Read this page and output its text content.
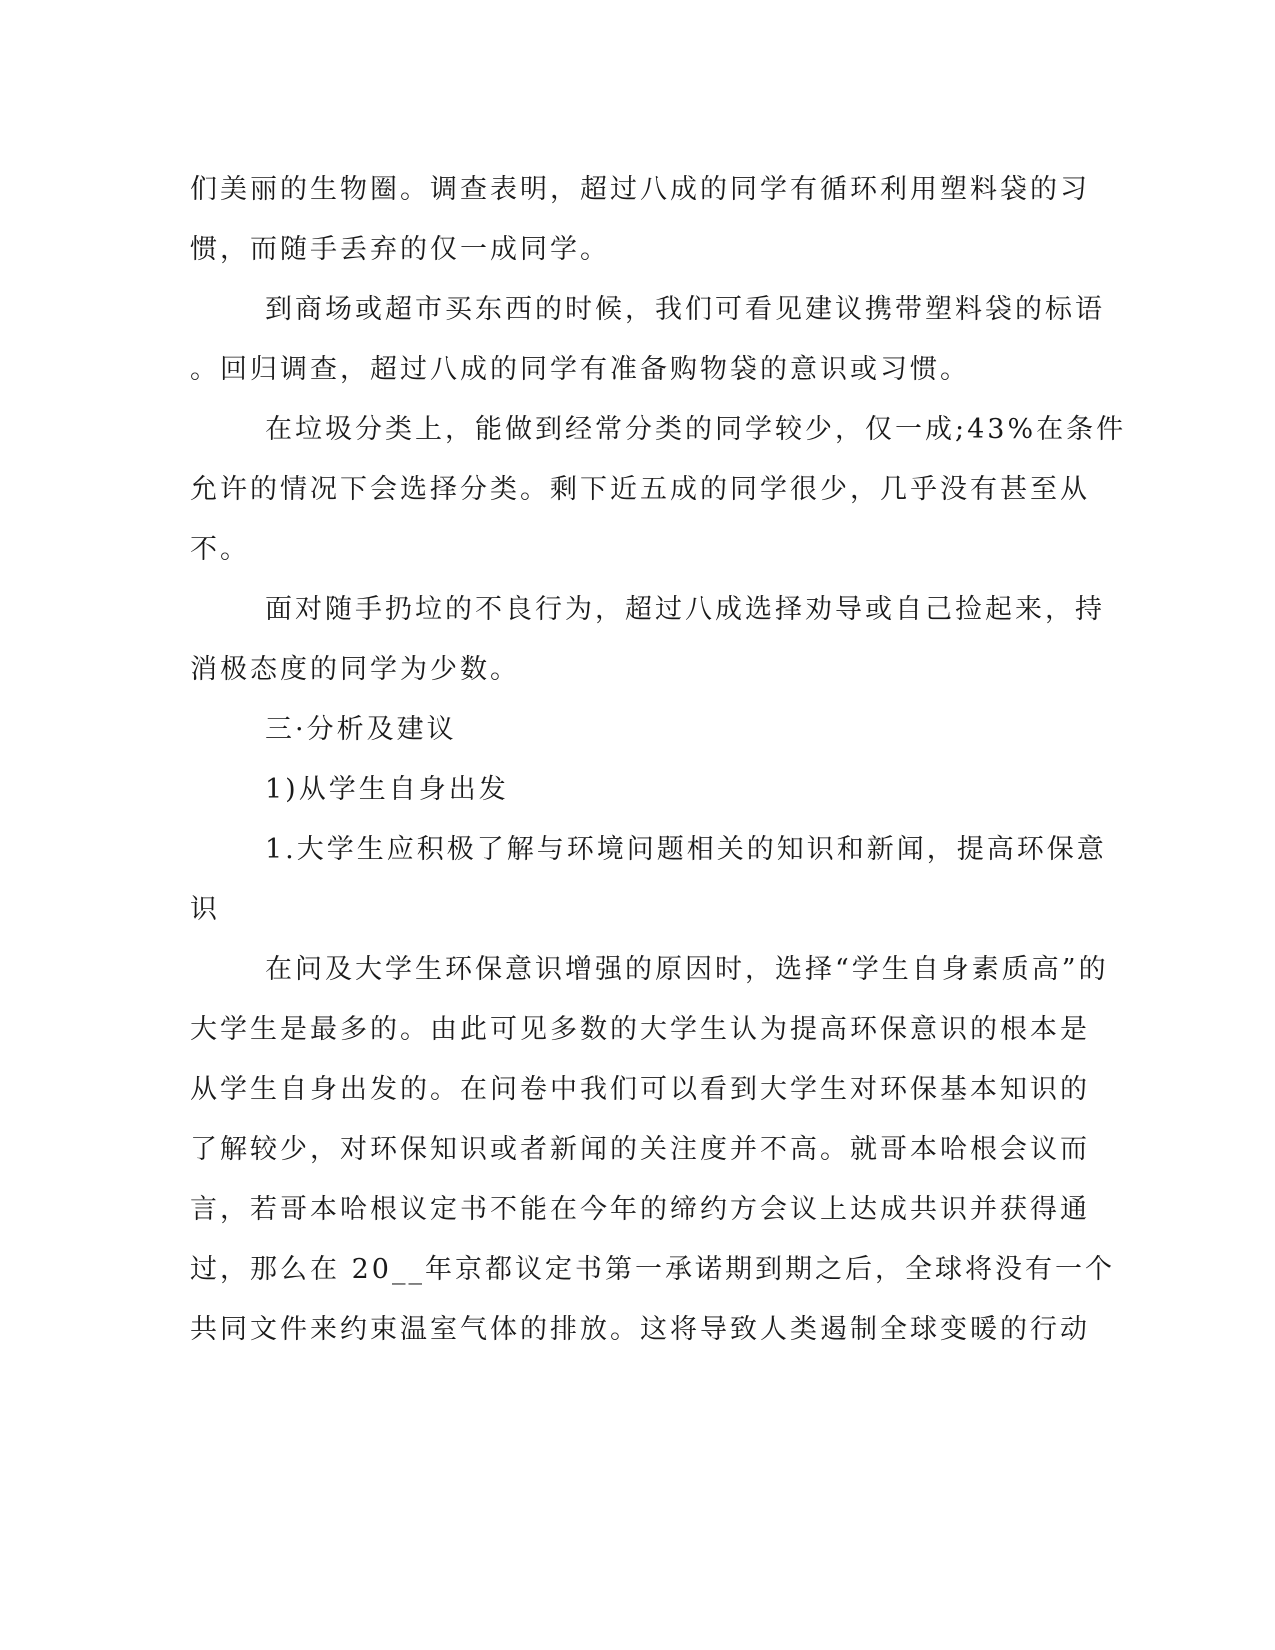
们美丽的生物圈。调查表明，超过八成的同学有循环利用塑料袋的习
惯，而随手丢弃的仅一成同学。
到商场或超市买东西的时候，我们可看见建议携带塑料袋的标语
。回归调查，超过八成的同学有准备购物袋的意识或习惯。
在垃圾分类上，能做到经常分类的同学较少，仅一成;43%在条件
允许的情况下会选择分类。剩下近五成的同学很少，几乎没有甚至从
不。
面对随手扔垃的不良行为，超过八成选择劝导或自己捡起来，持
消极态度的同学为少数。
三·分析及建议
1)从学生自身出发
1.大学生应积极了解与环境问题相关的知识和新闻，提高环保意
识
在问及大学生环保意识增强的原因时，选择“学生自身素质高”的
大学生是最多的。由此可见多数的大学生认为提高环保意识的根本是
从学生自身出发的。在问卷中我们可以看到大学生对环保基本知识的
了解较少，对环保知识或者新闻的关注度并不高。就哥本哈根会议而
言，若哥本哈根议定书不能在今年的缔约方会议上达成共识并获得通
过，那么在 20__年京都议定书第一承诺期到期之后，全球将没有一个
共同文件来约束温室气体的排放。这将导致人类遏制全球变暖的行动
